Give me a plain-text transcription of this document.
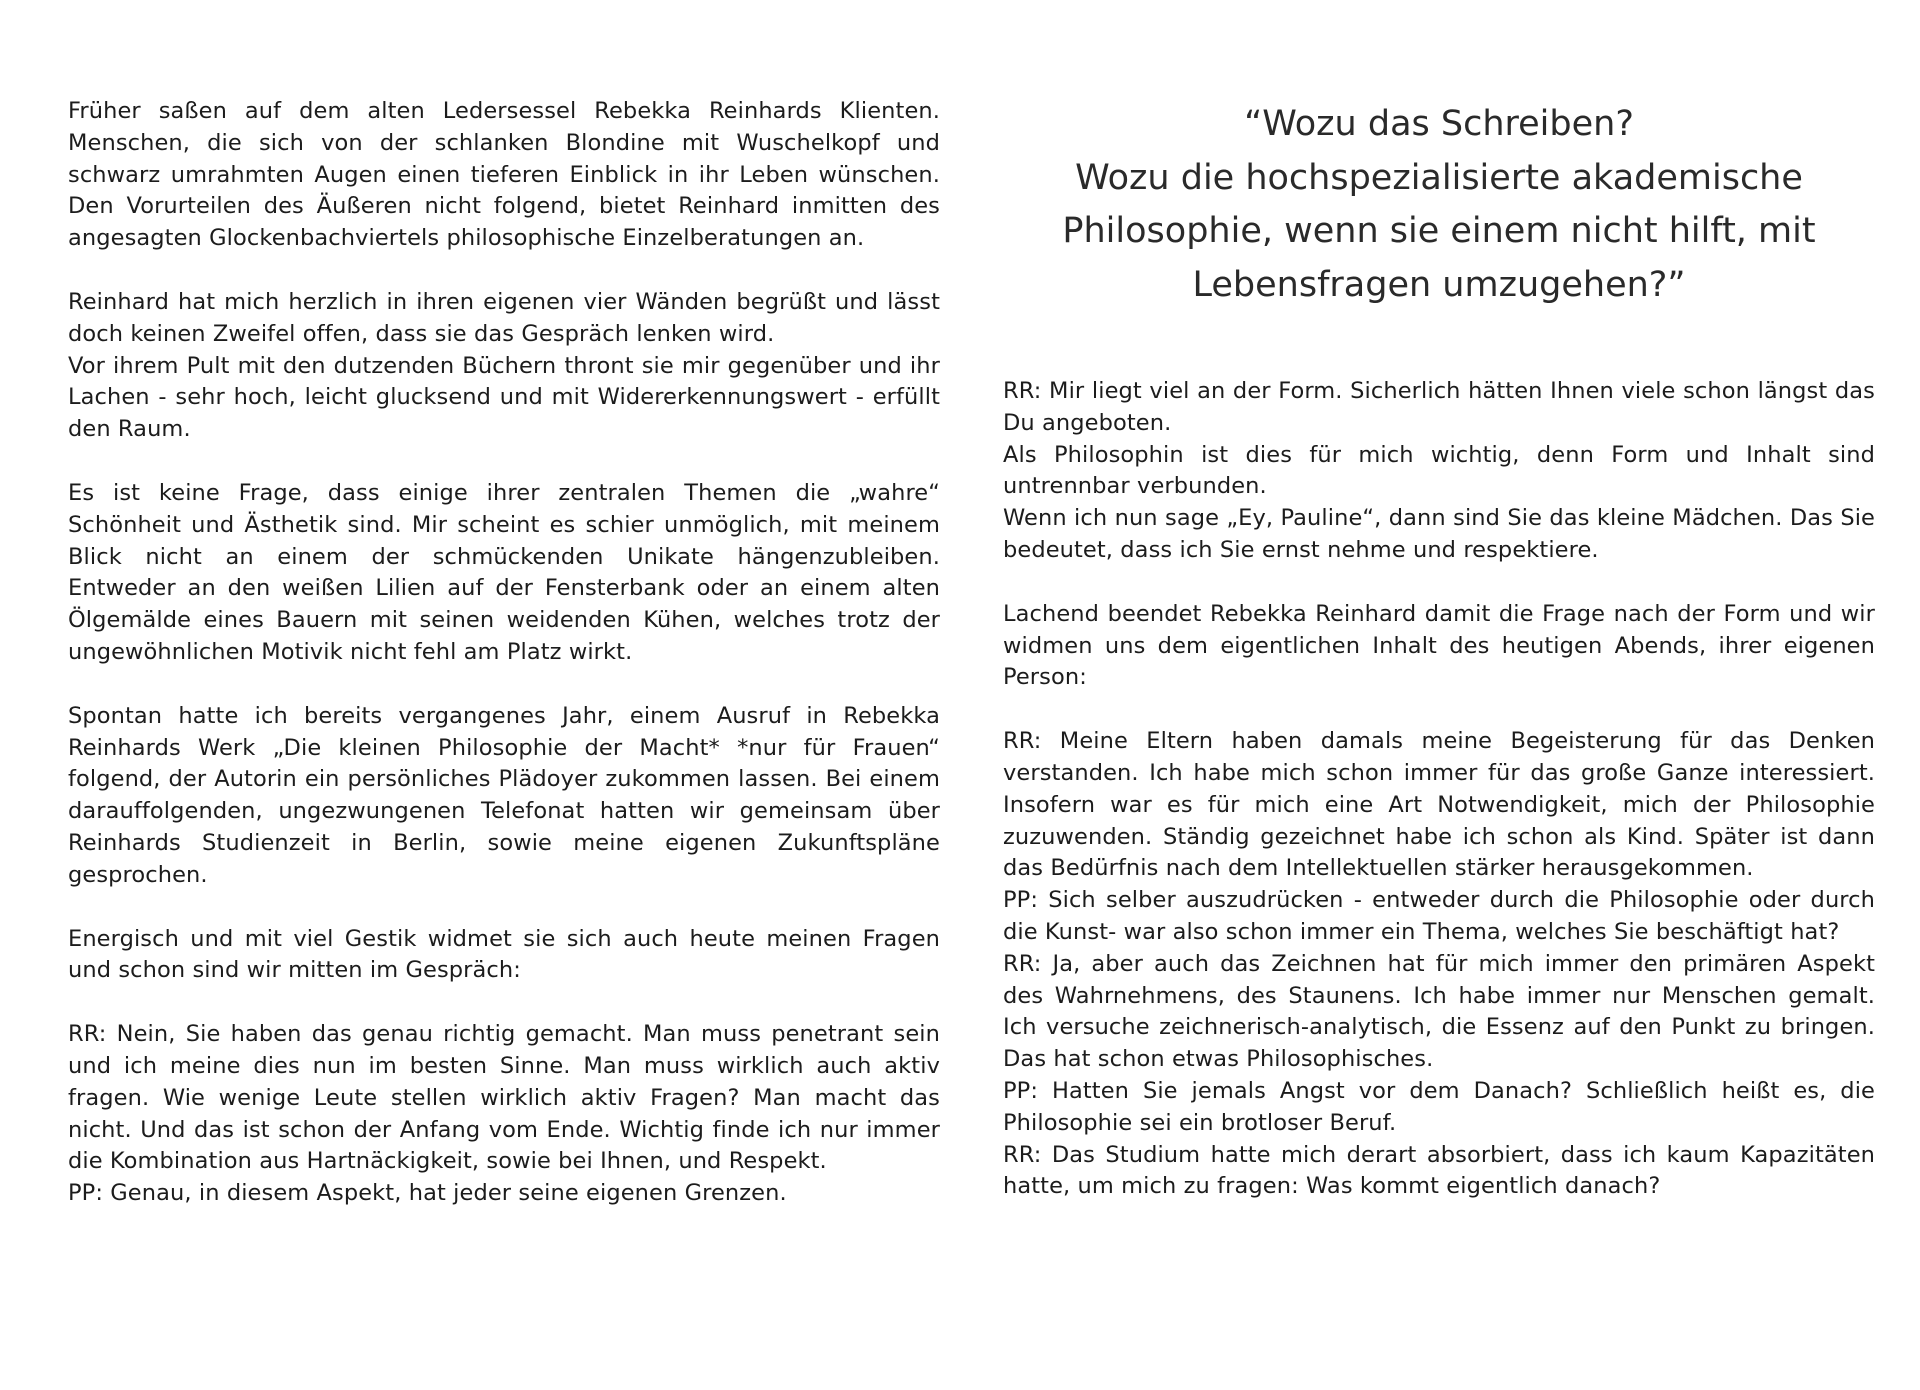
Früher saßen auf dem alten Ledersessel Rebekka Reinhards Klienten. Menschen, die sich von der schlanken Blondine mit Wuschelkopf und schwarz umrahmten Augen einen tieferen Einblick in ihr Leben wünschen. Den Vorurteilen des Äußeren nicht folgend, bietet Reinhard inmitten des angesagten Glockenbachviertels philosophische Einzelberatungen an.

Reinhard hat mich herzlich in ihren eigenen vier Wänden begrüßt und lässt doch keinen Zweifel offen, dass sie das Gespräch lenken wird.
Vor ihrem Pult mit den dutzenden Büchern thront sie mir gegenüber und ihr Lachen - sehr hoch, leicht glucksend und mit Widererkennungswert - erfüllt den Raum.

Es ist keine Frage, dass einige ihrer zentralen Themen die „wahre“ Schönheit und Ästhetik sind. Mir scheint es schier unmöglich, mit meinem Blick nicht an einem der schmückenden Unikate hängenzubleiben. Entweder an den weißen Lilien auf der Fensterbank oder an einem alten Ölgemälde eines Bauern mit seinen weidenden Kühen, welches trotz der ungewöhnlichen Motivik nicht fehl am Platz wirkt.

Spontan hatte ich bereits vergangenes Jahr, einem Ausruf in Rebekka Reinhards Werk „Die kleinen Philosophie der Macht* *nur für Frauen“ folgend, der Autorin ein persönliches Plädoyer zukommen lassen. Bei einem darauffolgenden, ungezwungenen Telefonat hatten wir gemeinsam über Reinhards Studienzeit in Berlin, sowie meine eigenen Zukunftspläne gesprochen.

Energisch und mit viel Gestik widmet sie sich auch heute meinen Fragen und schon sind wir mitten im Gespräch:

RR: Nein, Sie haben das genau richtig gemacht. Man muss penetrant sein und ich meine dies nun im besten Sinne. Man muss wirklich auch aktiv fragen. Wie wenige Leute stellen wirklich aktiv Fragen? Man macht das nicht. Und das ist schon der Anfang vom Ende. Wichtig finde ich nur immer die Kombination aus Hartnäckigkeit, sowie bei Ihnen, und Respekt.
PP: Genau, in diesem Aspekt, hat jeder seine eigenen Grenzen.

“Wozu das Schreiben?
Wozu die hochspezialisierte akademische
Philosophie, wenn sie einem nicht hilft, mit
Lebensfragen umzugehen?”

RR: Mir liegt viel an der Form. Sicherlich hätten Ihnen viele schon längst das Du angeboten.
Als Philosophin ist dies für mich wichtig, denn Form und Inhalt sind untrennbar verbunden.
Wenn ich nun sage „Ey, Pauline“, dann sind Sie das kleine Mädchen. Das Sie bedeutet, dass ich Sie ernst nehme und respektiere.

Lachend beendet Rebekka Reinhard damit die Frage nach der Form und wir widmen uns dem eigentlichen Inhalt des heutigen Abends, ihrer eigenen Person:

RR: Meine Eltern haben damals meine Begeisterung für das Denken verstanden. Ich habe mich schon immer für das große Ganze interessiert. Insofern war es für mich eine Art Notwendigkeit, mich der Philosophie zuzuwenden. Ständig gezeichnet habe ich schon als Kind. Später ist dann das Bedürfnis nach dem Intellektuellen stärker herausgekommen.
PP: Sich selber auszudrücken - entweder durch die Philosophie oder durch die Kunst- war also schon immer ein Thema, welches Sie beschäftigt hat?
RR: Ja, aber auch das Zeichnen hat für mich immer den primären Aspekt des Wahrnehmens, des Staunens. Ich habe immer nur Menschen gemalt. Ich versuche zeichnerisch-analytisch, die Essenz auf den Punkt zu bringen. Das hat schon etwas Philosophisches.
PP: Hatten Sie jemals Angst vor dem Danach? Schließlich heißt es, die Philosophie sei ein brotloser Beruf.
RR: Das Studium hatte mich derart absorbiert, dass ich kaum Kapazitäten hatte, um mich zu fragen: Was kommt eigentlich danach?
